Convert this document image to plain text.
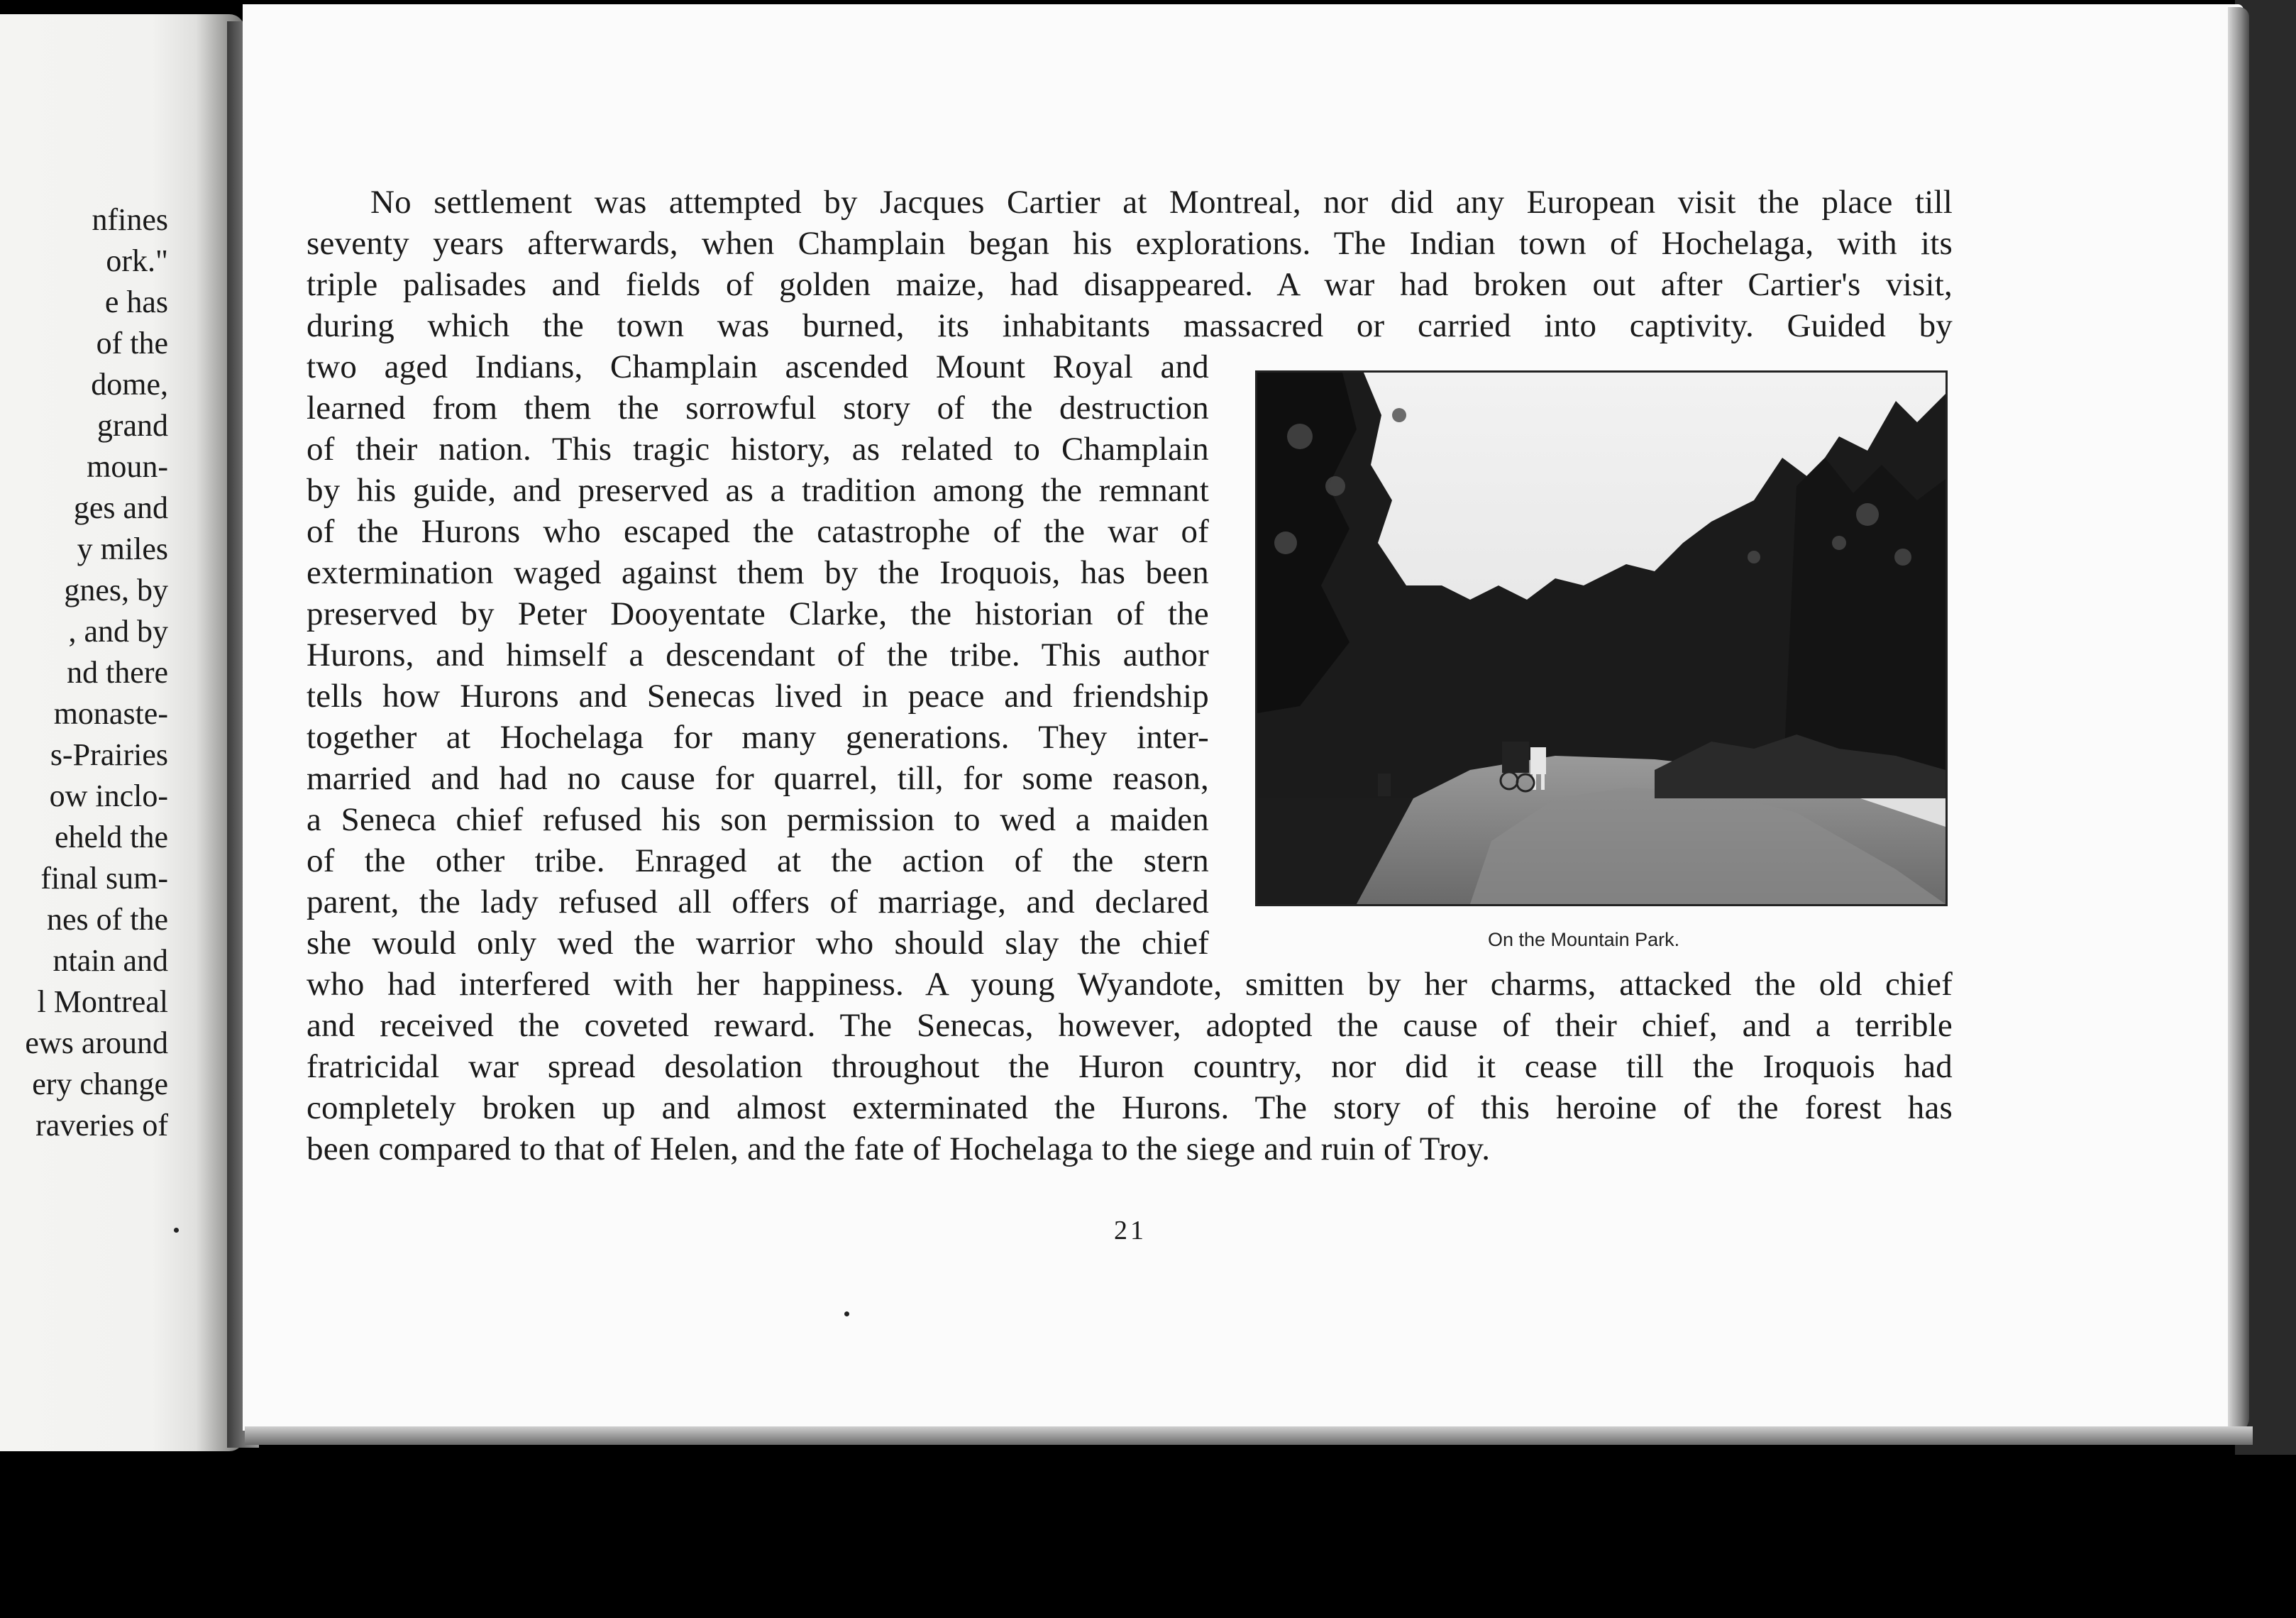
nfines
ork."
e has
of the
dome,
grand
moun-
ges and
y miles
gnes, by
, and by
nd there
monaste-
s-Prairies
ow inclo-
eheld the
final sum-
nes of the
ntain and
l Montreal
ews around
ery change
raveries of
No settlement was attempted by Jacques Cartier at Montreal, nor did any European visit the place till
seventy years afterwards, when Champlain began his explorations. The Indian town of Hochelaga, with its
triple palisades and fields of golden maize, had disappeared. A war had broken out after Cartier's visit,
during which the town was burned, its inhabitants massacred or carried into captivity. Guided by
two aged Indians, Champlain ascended Mount Royal and
learned from them the sorrowful story of the destruction
of their nation. This tragic history, as related to Champlain
by his guide, and preserved as a tradition among the remnant
of the Hurons who escaped the catastrophe of the war of
extermination waged against them by the Iroquois, has been
preserved by Peter Dooyentate Clarke, the historian of the
Hurons, and himself a descendant of the tribe. This author
tells how Hurons and Senecas lived in peace and friendship
together at Hochelaga for many generations. They inter-
married and had no cause for quarrel, till, for some reason,
a Seneca chief refused his son permission to wed a maiden
of the other tribe. Enraged at the action of the stern
parent, the lady refused all offers of marriage, and declared
she would only wed the warrior who should slay the chief	On the Mountain Park.
who had interfered with her happiness. A young Wyandote, smitten by her charms, attacked the old chief
and received the coveted reward. The Senecas, however, adopted the cause of their chief, and a terrible
fratricidal war spread desolation throughout the Huron country, nor did it cease till the Iroquois had
completely broken up and almost exterminated the Hurons. The story of this heroine of the forest has
been compared to that of Helen, and the fate of Hochelaga to the siege and ruin of Troy.
21
